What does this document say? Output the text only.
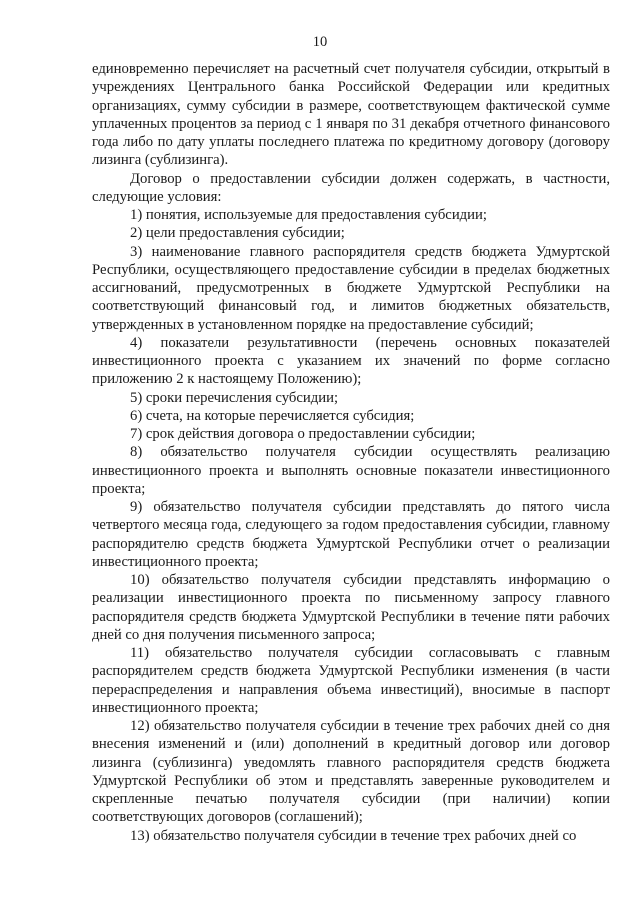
10

единовременно перечисляет на расчетный счет получателя субсидии, открытый в учреждениях Центрального банка Российской Федерации или кредитных организациях, сумму субсидии в размере, соответствующем фактической сумме уплаченных процентов за период с 1 января по 31 декабря отчетного финансового года либо по дату уплаты последнего платежа по кредитному договору (договору лизинга (сублизинга).

Договор о предоставлении субсидии должен содержать, в частности, следующие условия:

1) понятия, используемые для предоставления субсидии;

2) цели предоставления субсидии;

3) наименование главного распорядителя средств бюджета Удмуртской Республики, осуществляющего предоставление субсидии в пределах бюджетных ассигнований, предусмотренных в бюджете Удмуртской Республики на соответствующий финансовый год, и лимитов бюджетных обязательств, утвержденных в установленном порядке на предоставление субсидий;

4) показатели результативности (перечень основных показателей инвестиционного проекта с указанием их значений по форме согласно приложению 2 к настоящему Положению);

5) сроки перечисления субсидии;

6) счета, на которые перечисляется субсидия;

7) срок действия договора о предоставлении субсидии;

8) обязательство получателя субсидии осуществлять реализацию инвестиционного проекта и выполнять основные показатели инвестиционного проекта;

9) обязательство получателя субсидии представлять до пятого числа четвертого месяца года, следующего за годом предоставления субсидии, главному распорядителю средств бюджета Удмуртской Республики отчет о реализации инвестиционного проекта;

10) обязательство получателя субсидии представлять информацию о реализации инвестиционного проекта по письменному запросу главного распорядителя средств бюджета Удмуртской Республики в течение пяти рабочих дней со дня получения письменного запроса;

11) обязательство получателя субсидии согласовывать с главным распорядителем средств бюджета Удмуртской Республики изменения (в части перераспределения и направления объема инвестиций), вносимые в паспорт инвестиционного проекта;

12) обязательство получателя субсидии в течение трех рабочих дней со дня внесения изменений и (или) дополнений в кредитный договор или договор лизинга (сублизинга) уведомлять главного распорядителя средств бюджета Удмуртской Республики об этом и представлять заверенные руководителем и скрепленные печатью получателя субсидии (при наличии) копии соответствующих договоров (соглашений);

13) обязательство получателя субсидии в течение трех рабочих дней со
